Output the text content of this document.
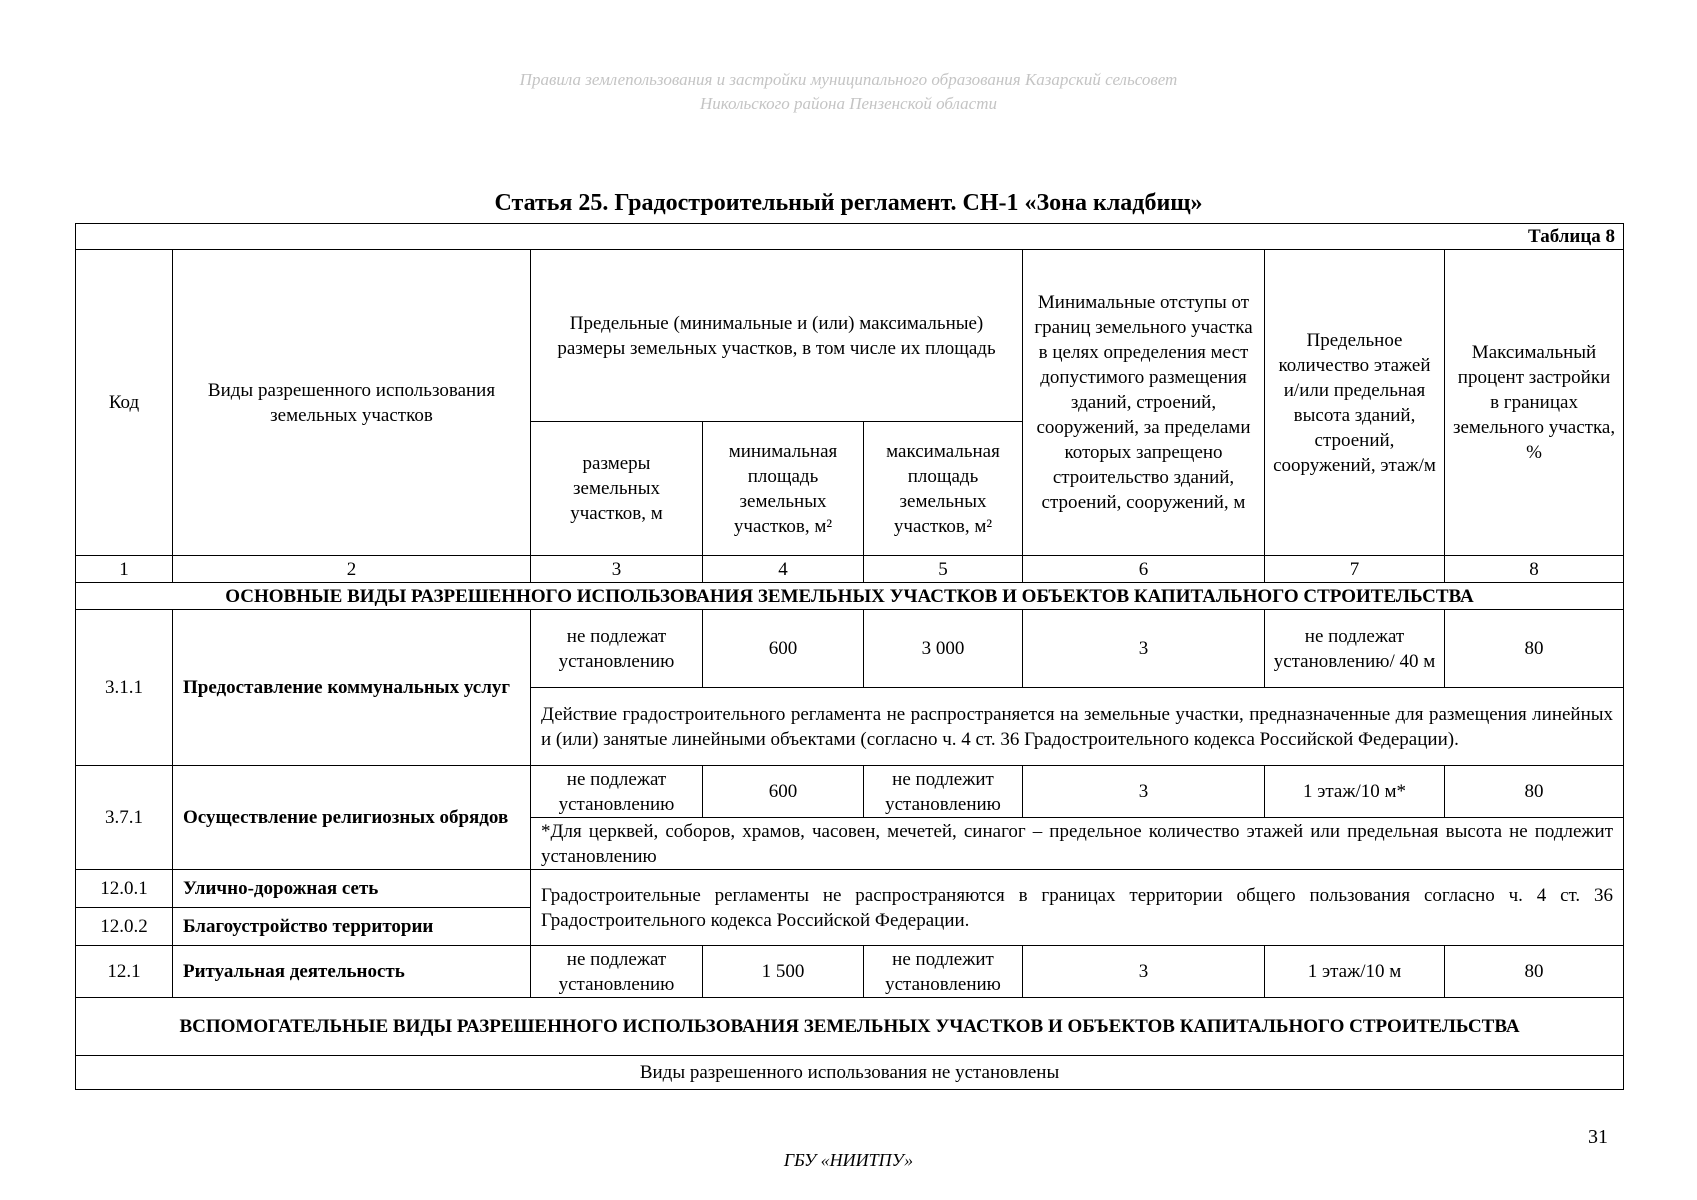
Правила землепользования и застройки муниципального образования Казарский сельсовет
Никольского района Пензенской области
Статья 25. Градостроительный регламент. СН-1 «Зона кладбищ»
Таблица 8							
Код	Виды разрешенного использования земельных участков	Предельные (минимальные и (или) максимальные) размеры земельных участков, в том числе их площадь			Минимальные отступы от границ земельного участка в целях определения мест допустимого размещения зданий, строений, сооружений, за пределами которых запрещено строительство зданий, строений, сооружений, м	Предельное количество этажей и/или предельная высота зданий, строений, сооружений, этаж/м	Максимальный процент застройки в границах земельного участка, %
		размеры земельных участков, м	минимальная площадь земельных участков, м²	максимальная площадь земельных участков, м²			
1	2	3	4	5	6	7	8
ОСНОВНЫЕ ВИДЫ РАЗРЕШЕННОГО ИСПОЛЬЗОВАНИЯ ЗЕМЕЛЬНЫХ УЧАСТКОВ И ОБЪЕКТОВ КАПИТАЛЬНОГО СТРОИТЕЛЬСТВА							
3.1.1	Предоставление коммунальных услуг	не подлежат установлению	600	3 000	3	не подлежат установлению/ 40 м	80
		Действие градостроительного регламента не распространяется на земельные участки, предназначенные для размещения линейных и (или) занятые линейными объектами (согласно ч. 4 ст. 36 Градостроительного кодекса Российской Федерации).					
3.7.1	Осуществление религиозных обрядов	не подлежат установлению	600	не подлежит установлению	3	1 этаж/10 м*	80
		*Для церквей, соборов, храмов, часовен, мечетей, синагог – предельное количество этажей или предельная высота не подлежит установлению					
12.0.1	Улично-дорожная сеть	Градостроительные регламенты не распространяются в границах территории общего пользования согласно ч. 4 ст. 36 Градостроительного кодекса Российской Федерации.					
12.0.2	Благоустройство территории						
12.1	Ритуальная деятельность	не подлежат установлению	1 500	не подлежит установлению	3	1 этаж/10 м	80
ВСПОМОГАТЕЛЬНЫЕ ВИДЫ РАЗРЕШЕННОГО ИСПОЛЬЗОВАНИЯ ЗЕМЕЛЬНЫХ УЧАСТКОВ И ОБЪЕКТОВ КАПИТАЛЬНОГО СТРОИТЕЛЬСТВА							
Виды разрешенного использования не установлены							
31
ГБУ «НИИТПУ»
